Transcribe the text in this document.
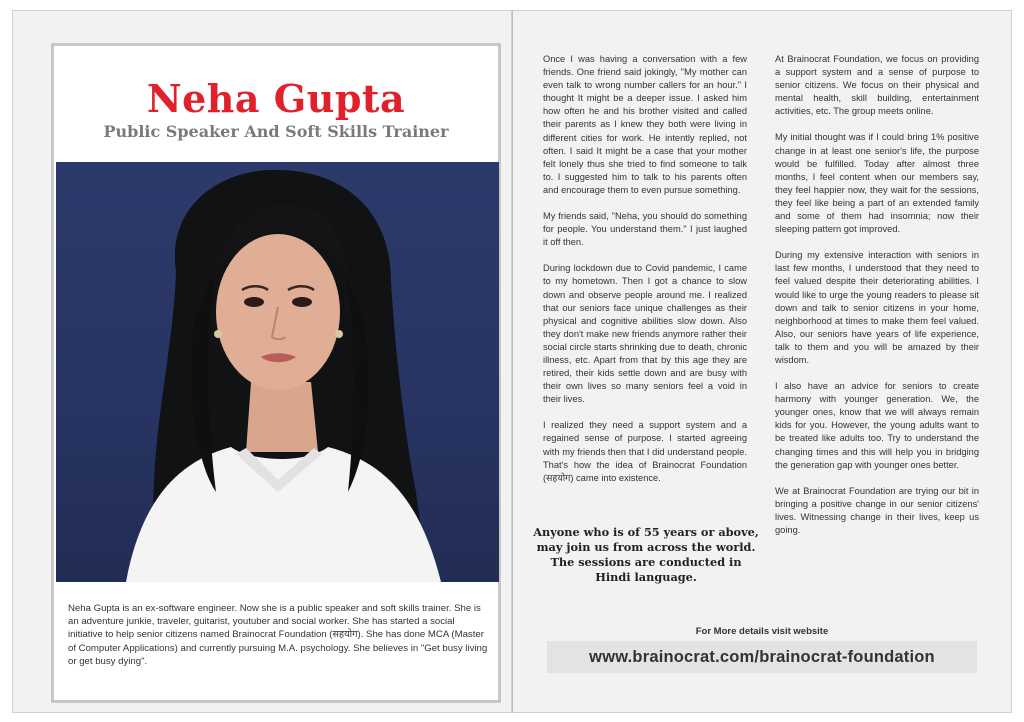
Neha Gupta
Public Speaker And Soft Skills Trainer
Neha Gupta is an ex-software engineer. Now she is a public speaker and soft skills trainer. She is an adventure junkie, traveler, guitarist, youtuber and social worker. She has started a social initiative to help senior citizens named Brainocrat Foundation (सहयोग). She has done MCA (Master of Computer Applications) and currently pursuing M.A. psychology. She believes in "Get busy living or get busy dying".

Once I was having a conversation with a few friends. One friend said jokingly, "My mother can even talk to wrong number callers for an hour." I thought It might be a deeper issue. I asked him how often he and his brother visited and called their parents as I knew they both were living in different cities for work. He intently replied, not often. I said It might be a case that your mother felt lonely thus she tried to find someone to talk to. I suggested him to talk to his parents often and encourage them to even pursue something.

My friends said, "Neha, you should do something for people. You understand them." I just laughed it off then.

During lockdown due to Covid pandemic, I came to my hometown. Then I got a chance to slow down and observe people around me. I realized that our seniors face unique challenges as their physical and cognitive abilities slow down. Also they don't make new friends anymore rather their social circle starts shrinking due to death, chronic illness, etc. Apart from that by this age they are retired, their kids settle down and are busy with their own lives so many seniors feel a void in their lives.

I realized they need a support system and a regained sense of purpose. I started agreeing with my friends then that I did understand people. That's how the idea of Brainocrat Foundation (सहयोग) came into existence.

At Brainocrat Foundation, we focus on providing a support system and a sense of purpose to senior citizens. We focus on their physical and mental health, skill building, entertainment activities, etc. The group meets online.

My initial thought was if I could bring 1% positive change in at least one senior's life, the purpose would be fulfilled. Today after almost three months, I feel content when our members say, they feel happier now, they wait for the sessions, they feel like being a part of an extended family and some of them had insomnia; now their sleeping pattern got improved.

During my extensive interaction with seniors in last few months, I understood that they need to feel valued despite their deteriorating abilities. I would like to urge the young readers to please sit down and talk to senior citizens in your home, neighborhood at times to make them feel valued. Also, our seniors have years of life experience, talk to them and you will be amazed by their wisdom.

I also have an advice for seniors to create harmony with younger generation. We, the younger ones, know that we will always remain kids for you. However, the young adults want to be treated like adults too. Try to understand the changing times and this will help you in bridging the generation gap with younger ones better.

We at Brainocrat Foundation are trying our bit in bringing a positive change in our senior citizens' lives. Witnessing change in their lives, keep us going.

Anyone who is of 55 years or above, may join us from across the world. The sessions are conducted in Hindi language.
For More details visit website
www.brainocrat.com/brainocrat-foundation
